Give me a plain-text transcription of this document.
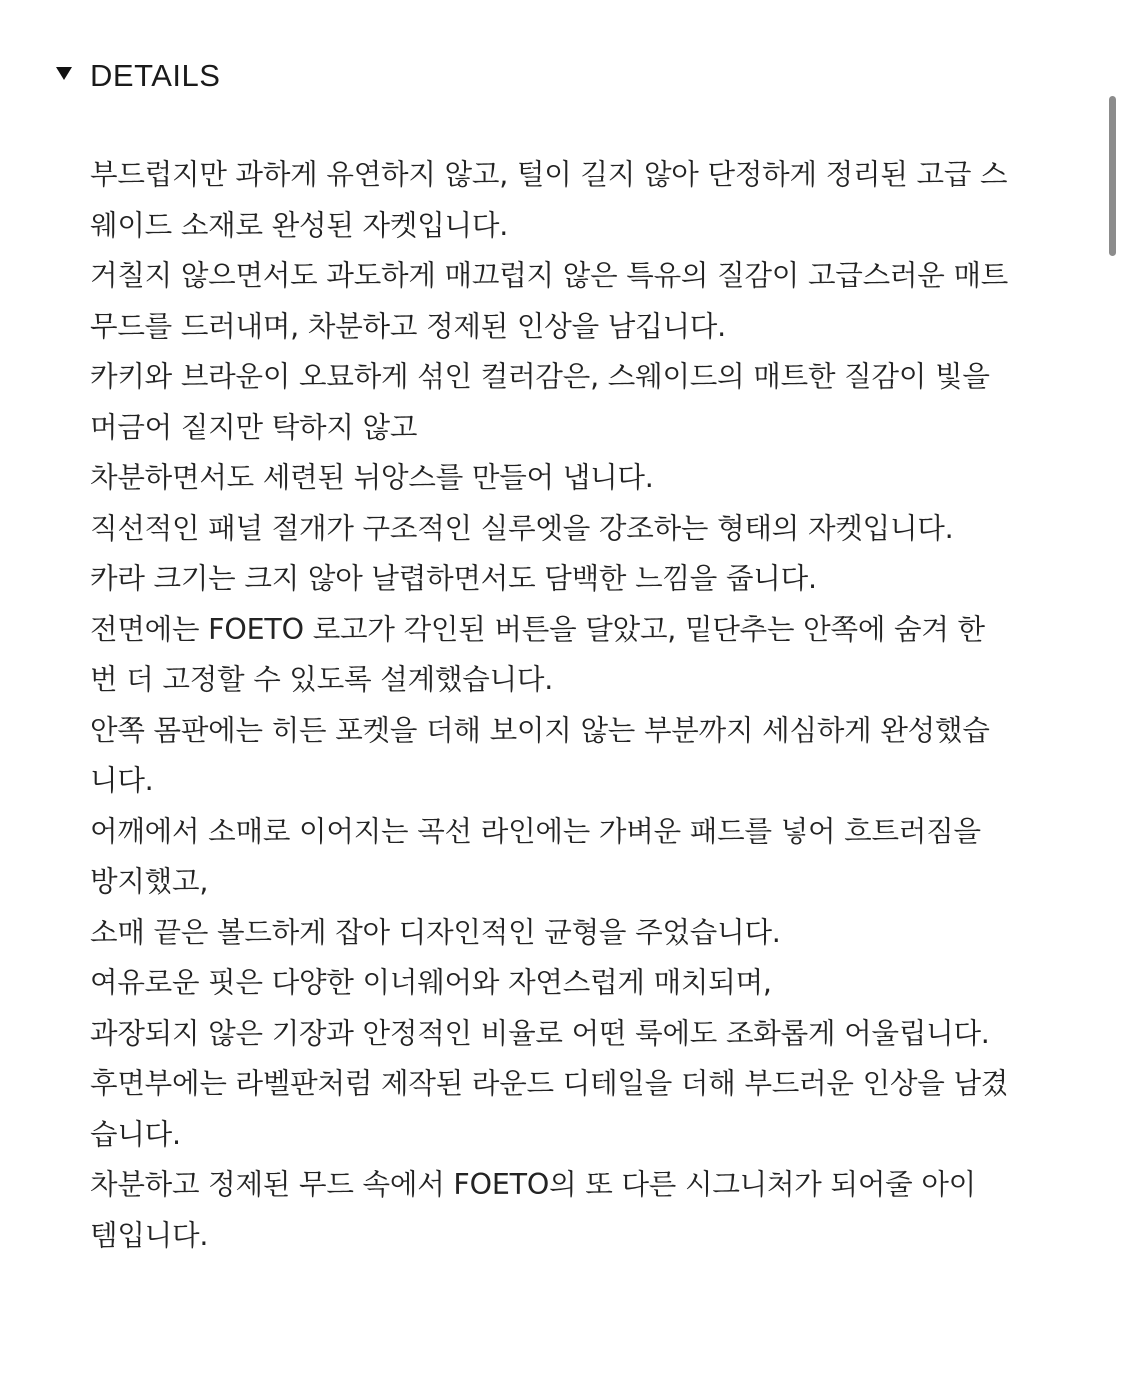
DETAILS
부드럽지만 과하게 유연하지 않고, 털이 길지 않아 단정하게 정리된 고급 스
웨이드 소재로 완성된 자켓입니다.
거칠지 않으면서도 과도하게 매끄럽지 않은 특유의 질감이 고급스러운 매트
무드를 드러내며, 차분하고 정제된 인상을 남깁니다.
카키와 브라운이 오묘하게 섞인 컬러감은, 스웨이드의 매트한 질감이 빛을
머금어 짙지만 탁하지 않고
차분하면서도 세련된 뉘앙스를 만들어 냅니다.
직선적인 패널 절개가 구조적인 실루엣을 강조하는 형태의 자켓입니다.
카라 크기는 크지 않아 날렵하면서도 담백한 느낌을 줍니다.
전면에는 FOETO 로고가 각인된 버튼을 달았고, 밑단추는 안쪽에 숨겨 한
번 더 고정할 수 있도록 설계했습니다.
안쪽 몸판에는 히든 포켓을 더해 보이지 않는 부분까지 세심하게 완성했습
니다.
어깨에서 소매로 이어지는 곡선 라인에는 가벼운 패드를 넣어 흐트러짐을
방지했고,
소매 끝은 볼드하게 잡아 디자인적인 균형을 주었습니다.
여유로운 핏은 다양한 이너웨어와 자연스럽게 매치되며,
과장되지 않은 기장과 안정적인 비율로 어떤 룩에도 조화롭게 어울립니다.
후면부에는 라벨판처럼 제작된 라운드 디테일을 더해 부드러운 인상을 남겼
습니다.
차분하고 정제된 무드 속에서 FOETO의 또 다른 시그니처가 되어줄 아이
템입니다.
